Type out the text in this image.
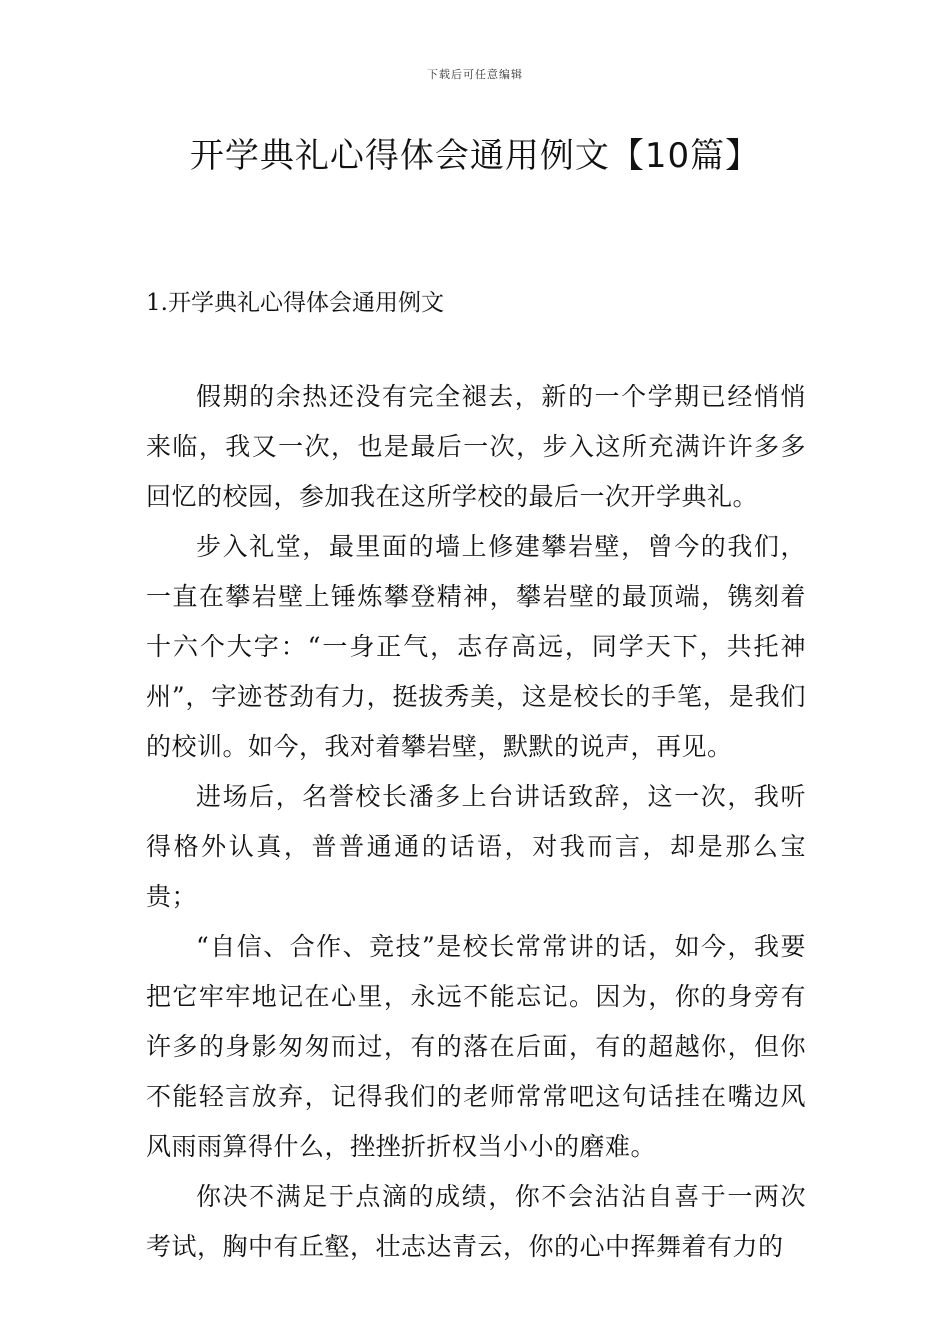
下载后可任意编辑
开学典礼心得体会通用例文【10篇】
1.开学典礼心得体会通用例文

假期的余热还没有完全褪去，新的一个学期已经悄悄来临，我又一次，也是最后一次，步入这所充满许许多多回忆的校园，参加我在这所学校的最后一次开学典礼。

步入礼堂，最里面的墙上修建攀岩壁，曾今的我们，一直在攀岩壁上锤炼攀登精神，攀岩壁的最顶端，镌刻着十六个大字：“一身正气，志存高远，同学天下，共托神州”，字迹苍劲有力，挺拔秀美，这是校长的手笔，是我们的校训。如今，我对着攀岩壁，默默的说声，再见。

进场后，名誉校长潘多上台讲话致辞，这一次，我听得格外认真，普普通通的话语，对我而言，却是那么宝贵；

“自信、合作、竞技”是校长常常讲的话，如今，我要把它牢牢地记在心里，永远不能忘记。因为，你的身旁有许多的身影匆匆而过，有的落在后面，有的超越你，但你不能轻言放弃，记得我们的老师常常吧这句话挂在嘴边风风雨雨算得什么，挫挫折折权当小小的磨难。

你决不满足于点滴的成绩，你不会沾沾自喜于一两次考试，胸中有丘壑，壮志达青云，你的心中挥舞着有力的
